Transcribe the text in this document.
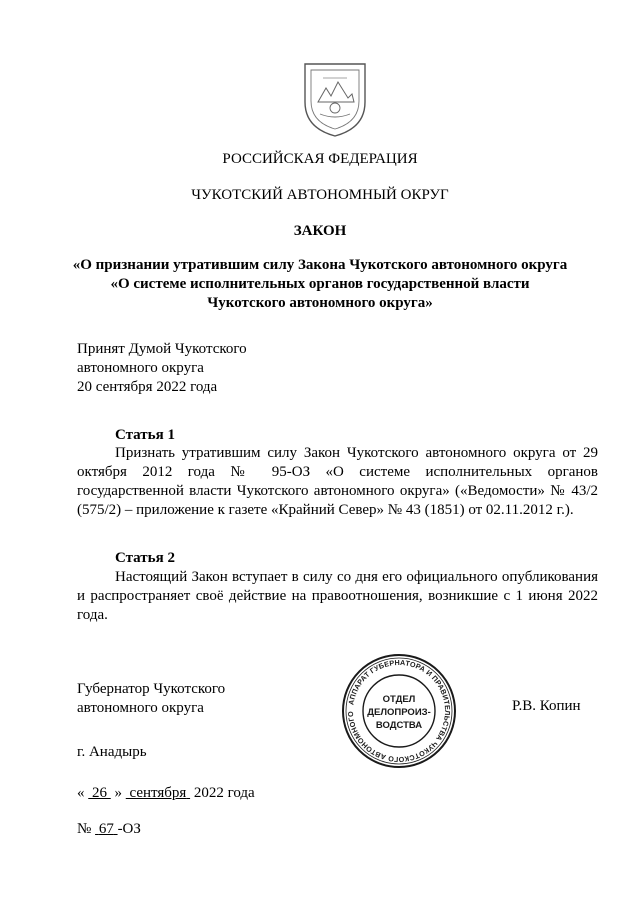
РОССИЙСКАЯ ФЕДЕРАЦИЯ
ЧУКОТСКИЙ АВТОНОМНЫЙ ОКРУГ
ЗАКОН
«О признании утратившим силу Закона Чукотского автономного округа
«О системе исполнительных органов государственной власти
Чукотского автономного округа»
Принят Думой Чукотского
автономного округа
20 сентября 2022 года
Статья 1
Признать утратившим силу Закон Чукотского автономного округа от 29 октября 2012 года № 95-ОЗ «О системе исполнительных органов государственной власти Чукотского автономного округа» («Ведомости» № 43/2 (575/2) – приложение к газете «Крайний Север» № 43 (1851) от 02.11.2012 г.).
Статья 2
Настоящий Закон вступает в силу со дня его официального опубликования и распространяет своё действие на правоотношения, возникшие с 1 июня 2022 года.
Губернатор Чукотского
автономного округа	Р.В. Копин
АППАРАТ ГУБЕРНАТОРА И ПРАВИТЕЛЬСТВА ЧУКОТСКОГО АВТОНОМНОГО
ОТДЕЛ
ДЕЛОПРОИЗ-
ВОДСТВА
г. Анадырь
« 26 » сентября 2022 года
№ 67 -ОЗ
